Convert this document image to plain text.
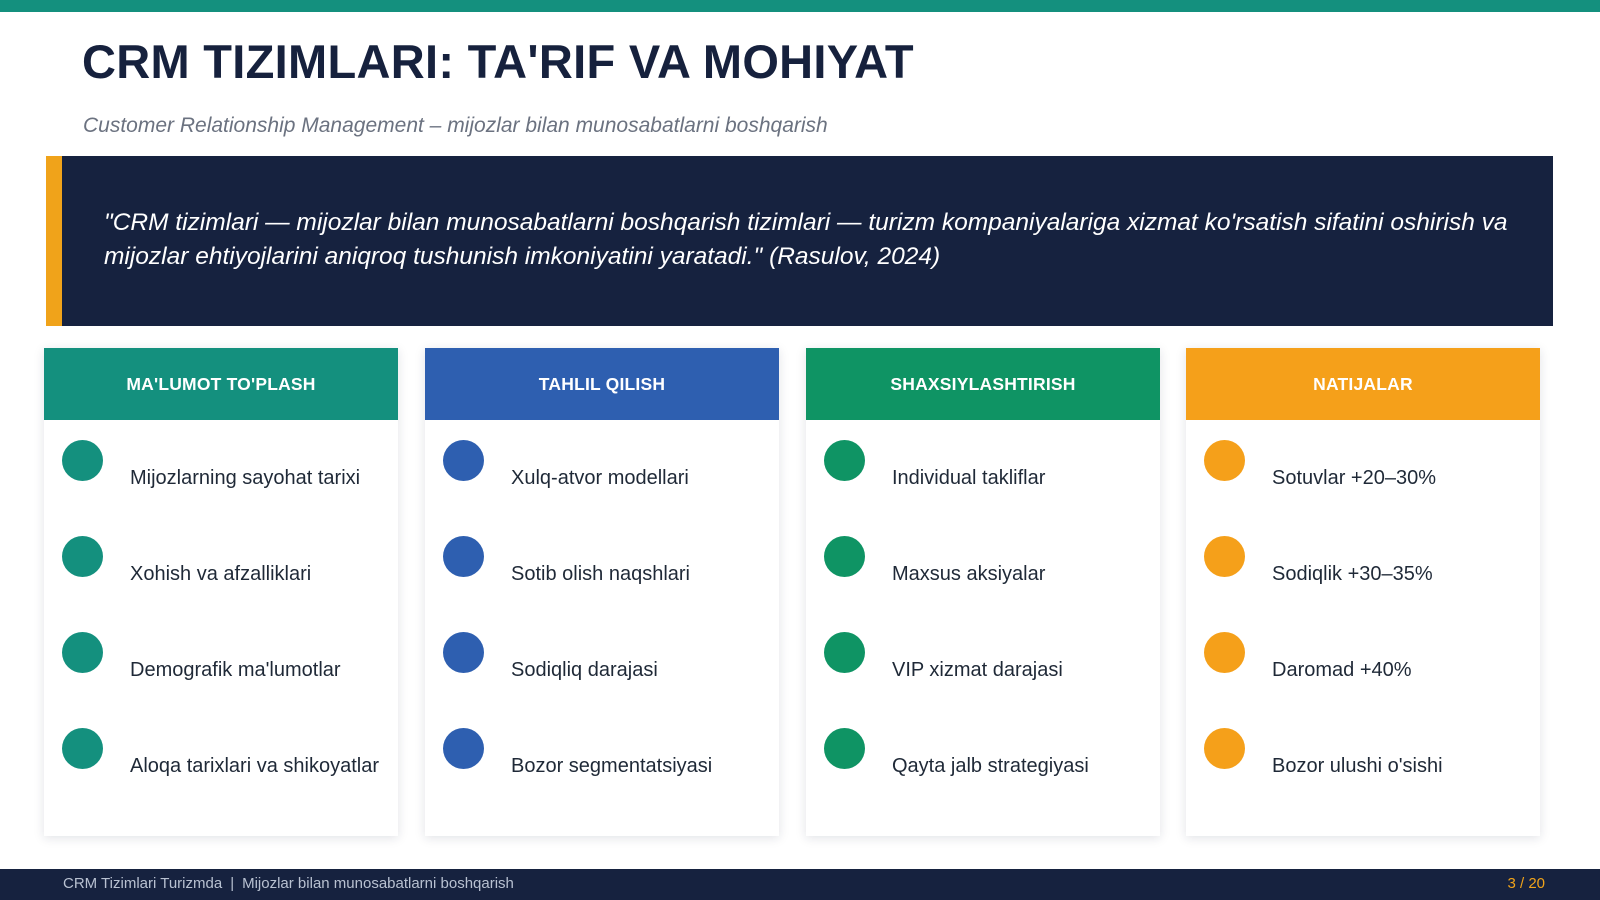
CRM TIZIMLARI: TA'RIF VA MOHIYAT
Customer Relationship Management – mijozlar bilan munosabatlarni boshqarish
"CRM tizimlari — mijozlar bilan munosabatlarni boshqarish tizimlari — turizm kompaniyalariga xizmat ko'rsatish sifatini oshirish va mijozlar ehtiyojlarini aniqroq tushunish imkoniyatini yaratadi." (Rasulov, 2024)
MA'LUMOT TO'PLASH
Mijozlarning sayohat tarixi
Xohish va afzalliklari
Demografik ma'lumotlar
Aloqa tarixlari va shikoyatlar
TAHLIL QILISH
Xulq-atvor modellari
Sotib olish naqshlari
Sodiqliq darajasi
Bozor segmentatsiyasi
SHAXSIYLASHTIRISH
Individual takliflar
Maxsus aksiyalar
VIP xizmat darajasi
Qayta jalb strategiyasi
NATIJALAR
Sotuvlar +20–30%
Sodiqlik +30–35%
Daromad +40%
Bozor ulushi o'sishi
CRM Tizimlari Turizmda | Mijozlar bilan munosabatlarni boshqarish	3 / 20
